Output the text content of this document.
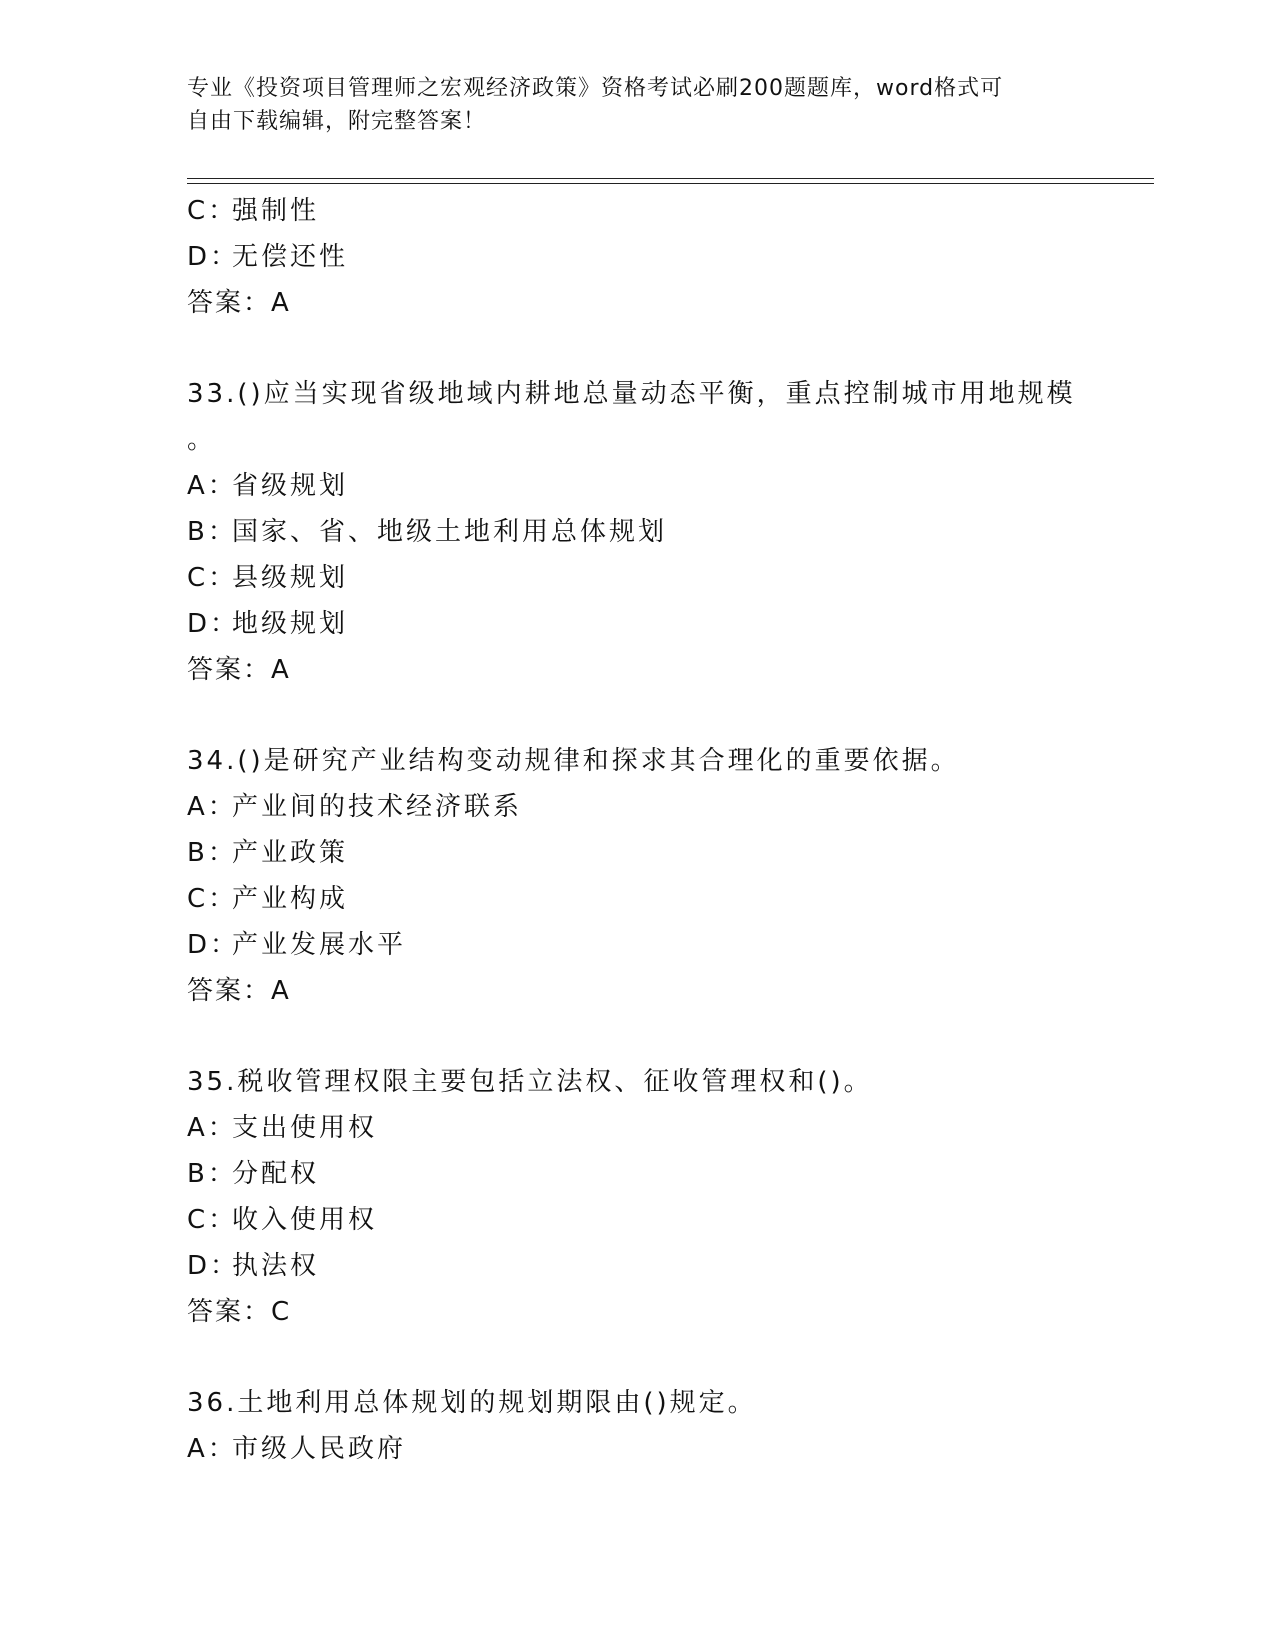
专业《投资项目管理师之宏观经济政策》资格考试必刷200题题库，word格式可
自由下载编辑，附完整答案！
C：强制性
D：无偿还性
答案：A
33.()应当实现省级地域内耕地总量动态平衡，重点控制城市用地规模
。
A：省级规划
B：国家、省、地级土地利用总体规划
C：县级规划
D：地级规划
答案：A
34.()是研究产业结构变动规律和探求其合理化的重要依据。
A：产业间的技术经济联系
B：产业政策
C：产业构成
D：产业发展水平
答案：A
35.税收管理权限主要包括立法权、征收管理权和()。
A：支出使用权
B：分配权
C：收入使用权
D：执法权
答案：C
36.土地利用总体规划的规划期限由()规定。
A：市级人民政府
